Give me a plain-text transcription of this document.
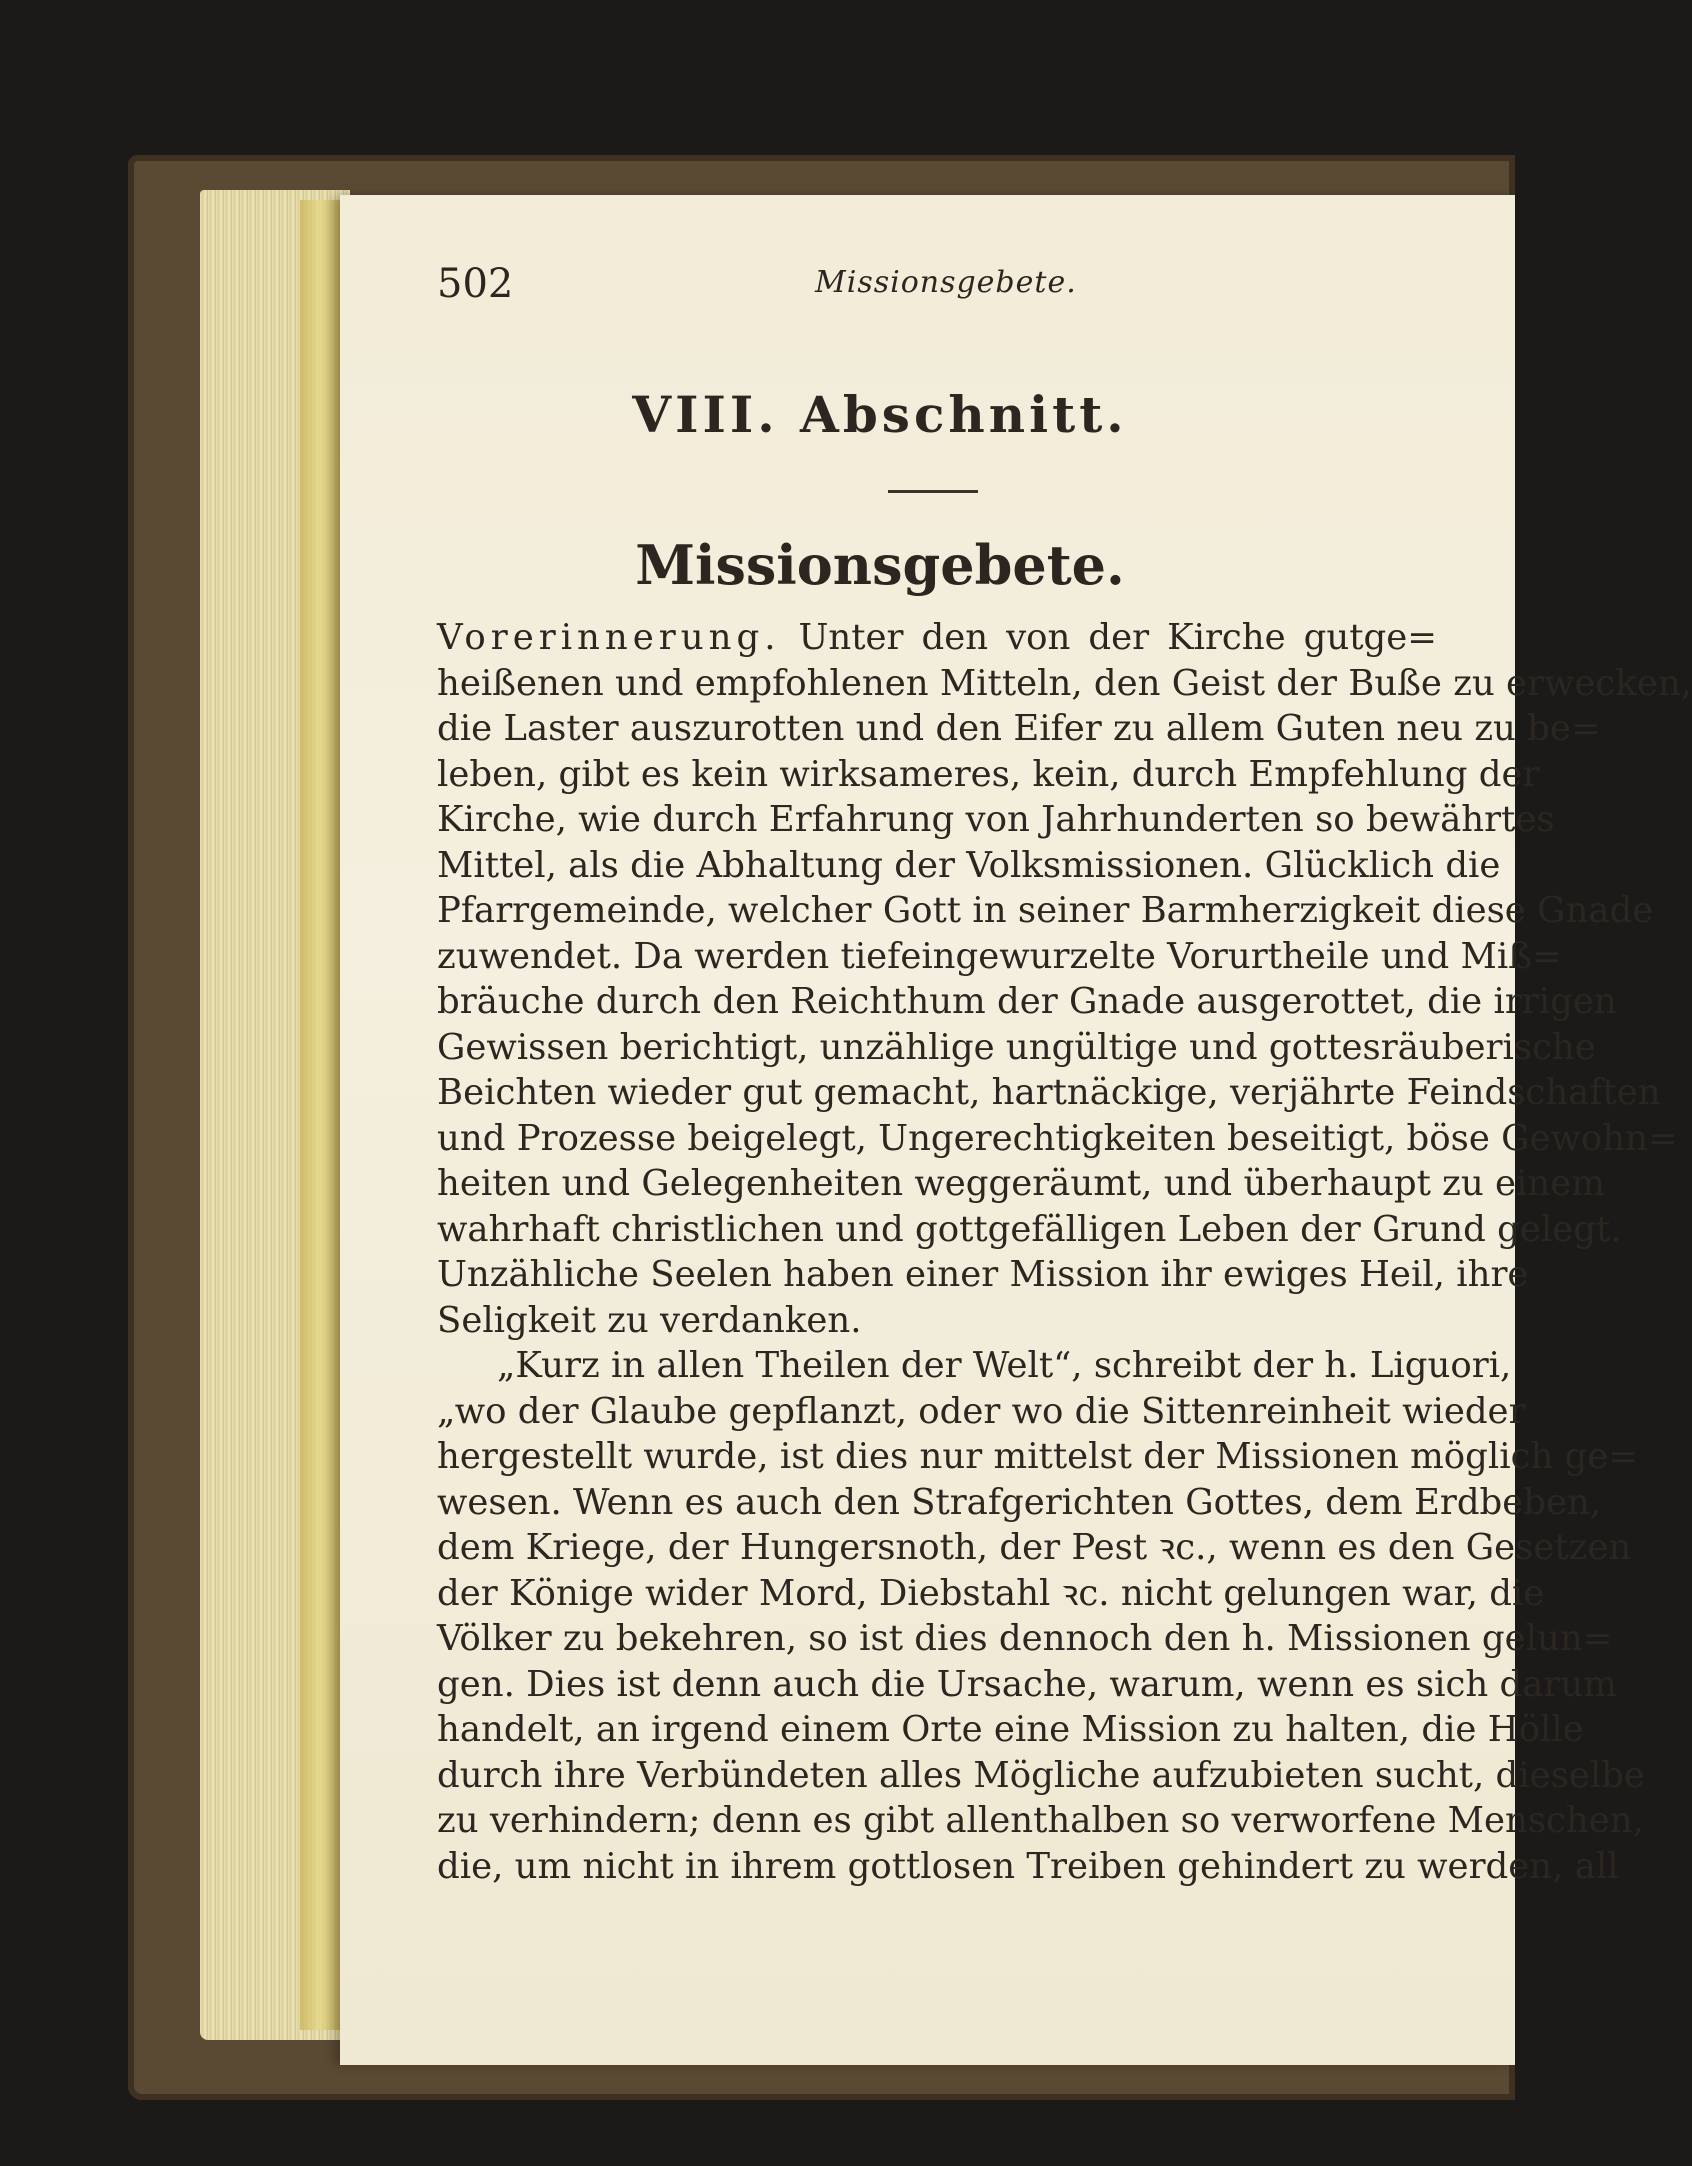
502	Missionsgebete.
VIII. Abschnitt.
Missionsgebete.
Vorerinnerung. Unter den von der Kirche gutge=
heißenen und empfohlenen Mitteln, den Geist der Buße zu erwecken,
die Laster auszurotten und den Eifer zu allem Guten neu zu be=
leben, gibt es kein wirksameres, kein, durch Empfehlung der
Kirche, wie durch Erfahrung von Jahrhunderten so bewährtes
Mittel, als die Abhaltung der Volksmissionen. Glücklich die
Pfarrgemeinde, welcher Gott in seiner Barmherzigkeit diese Gnade
zuwendet. Da werden tiefeingewurzelte Vorurtheile und Miß=
bräuche durch den Reichthum der Gnade ausgerottet, die irrigen
Gewissen berichtigt, unzählige ungültige und gottesräuberische
Beichten wieder gut gemacht, hartnäckige, verjährte Feindschaften
und Prozesse beigelegt, Ungerechtigkeiten beseitigt, böse Gewohn=
heiten und Gelegenheiten weggeräumt, und überhaupt zu einem
wahrhaft christlichen und gottgefälligen Leben der Grund gelegt.
Unzähliche Seelen haben einer Mission ihr ewiges Heil, ihre
Seligkeit zu verdanken.
„Kurz in allen Theilen der Welt“, schreibt der h. Liguori,
„wo der Glaube gepflanzt, oder wo die Sittenreinheit wieder
hergestellt wurde, ist dies nur mittelst der Missionen möglich ge=
wesen. Wenn es auch den Strafgerichten Gottes, dem Erdbeben,
dem Kriege, der Hungersnoth, der Pest ꝛc., wenn es den Gesetzen
der Könige wider Mord, Diebstahl ꝛc. nicht gelungen war, die
Völker zu bekehren, so ist dies dennoch den h. Missionen gelun=
gen. Dies ist denn auch die Ursache, warum, wenn es sich darum
handelt, an irgend einem Orte eine Mission zu halten, die Hölle
durch ihre Verbündeten alles Mögliche aufzubieten sucht, dieselbe
zu verhindern; denn es gibt allenthalben so verworfene Menschen,
die, um nicht in ihrem gottlosen Treiben gehindert zu werden, all
